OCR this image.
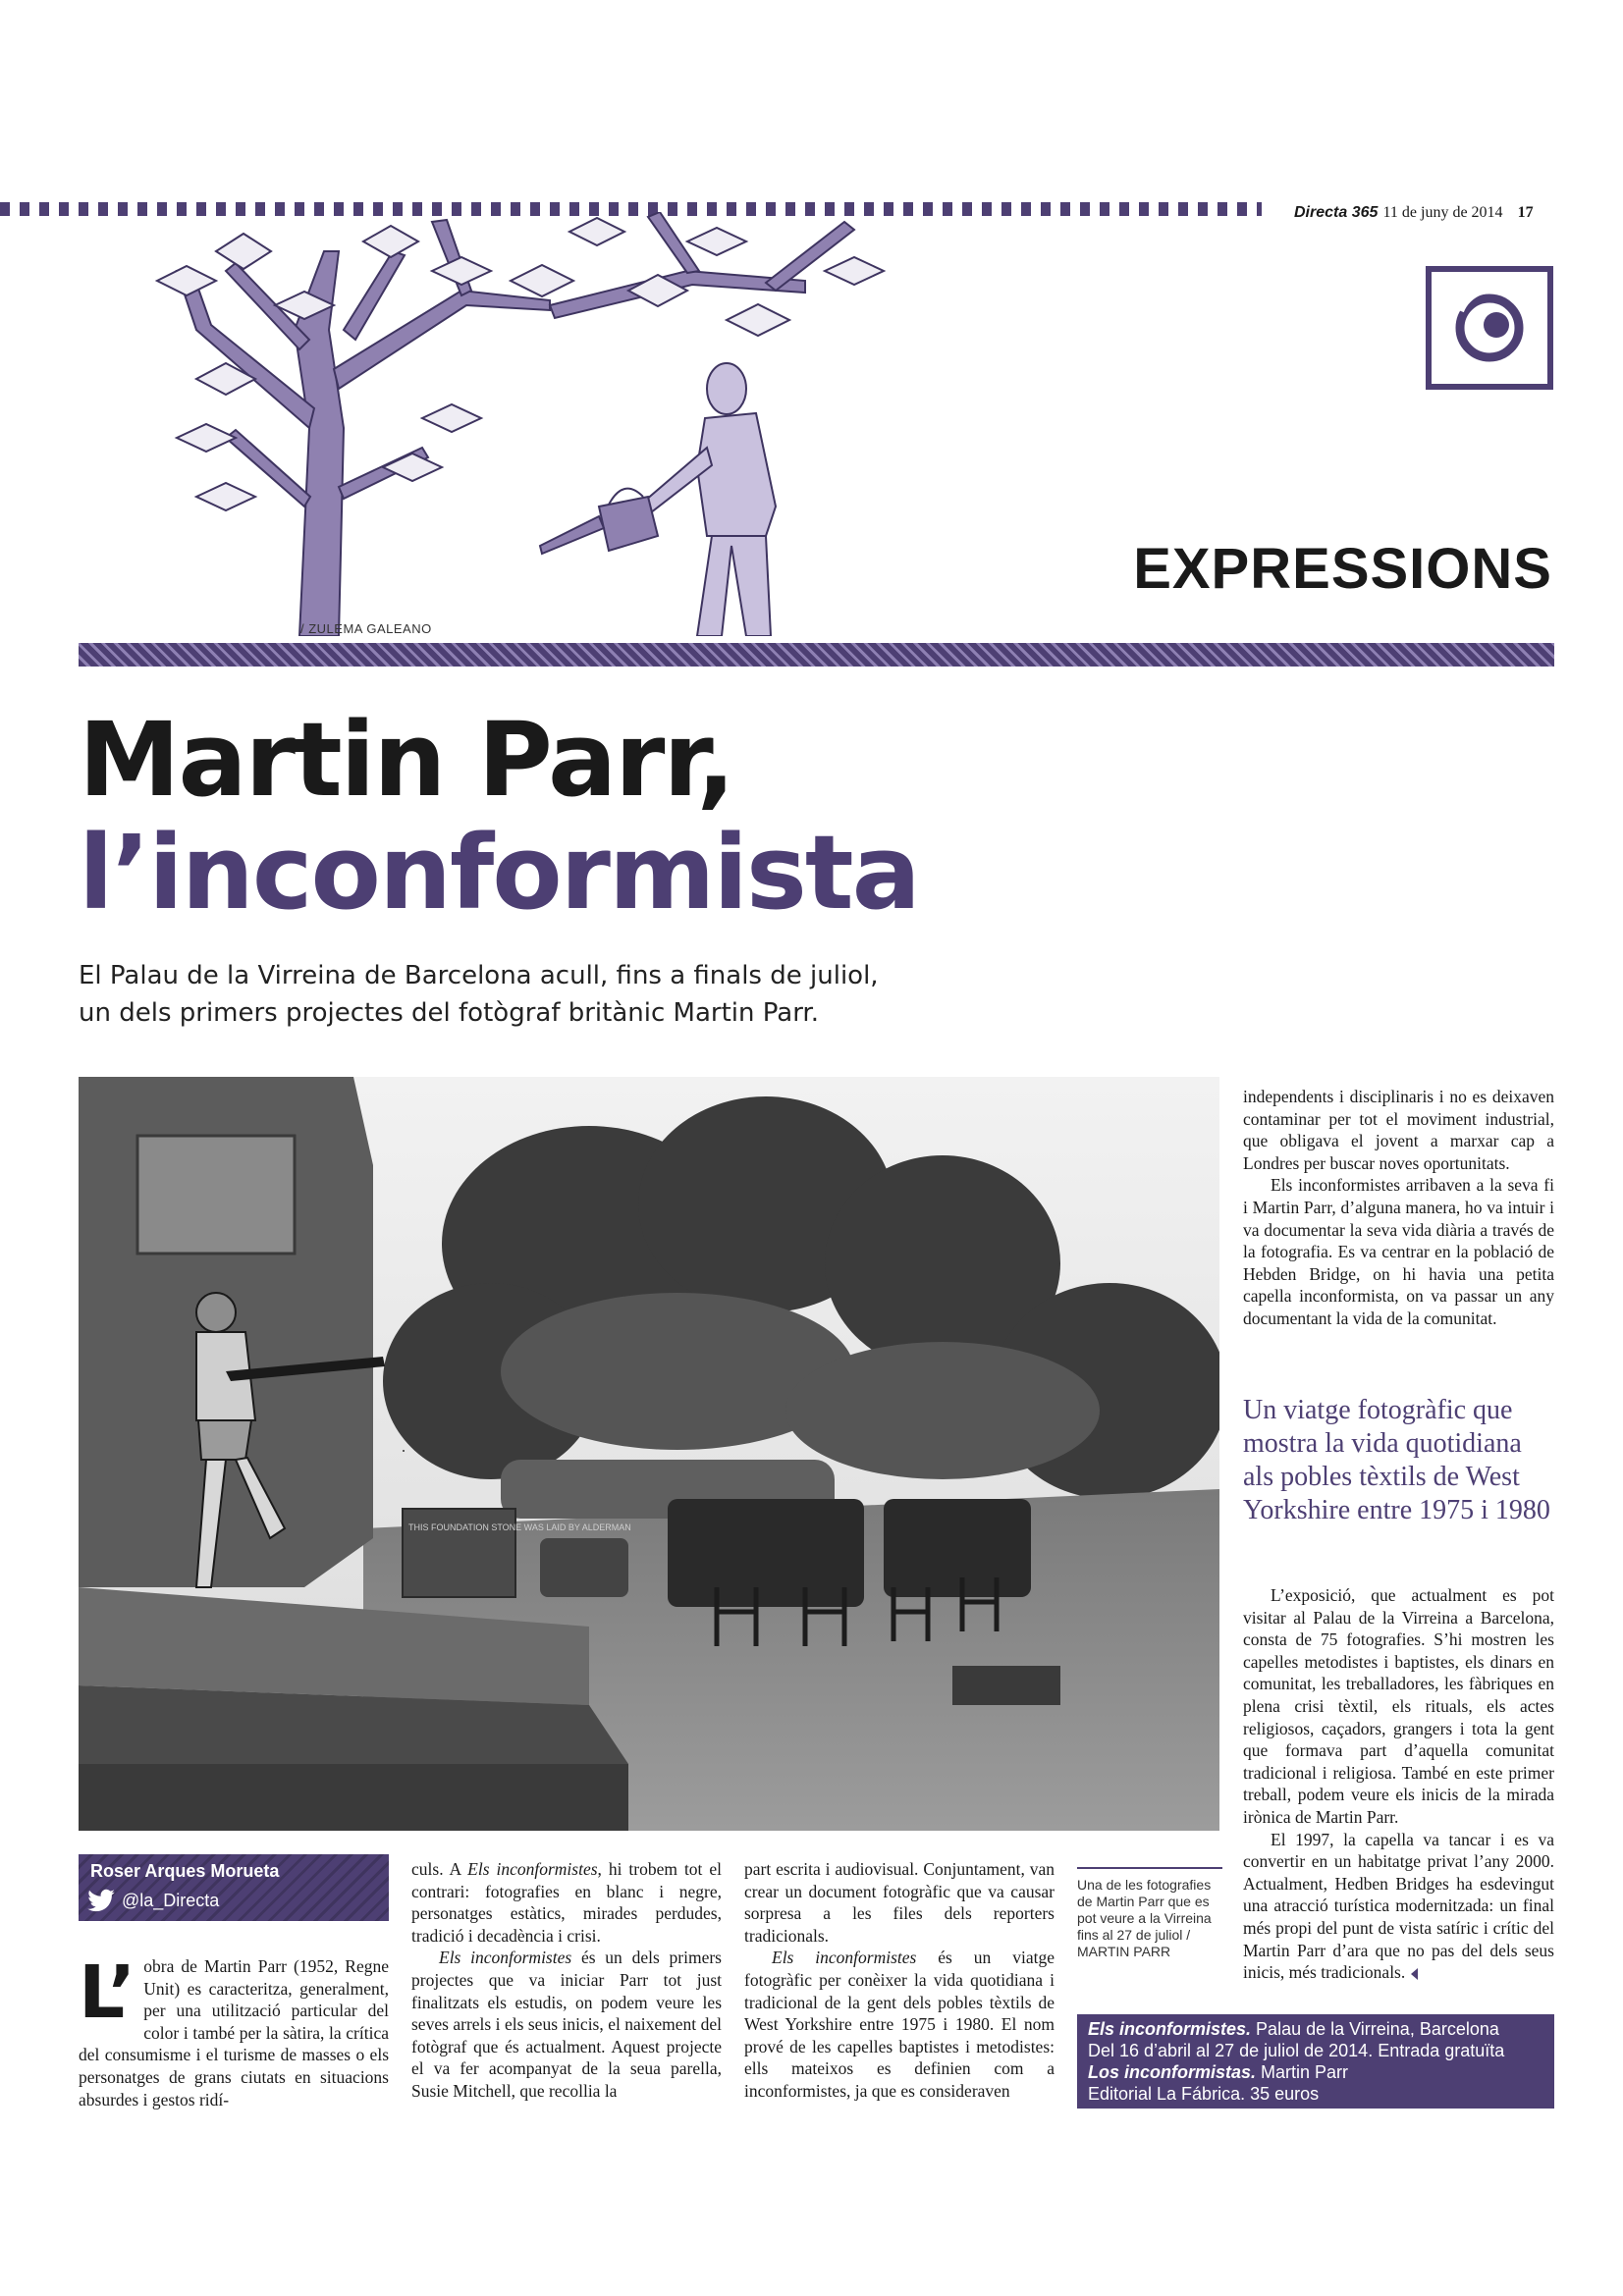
Directa 365 11 de juny de 2014 17
/ ZULEMA GALEANO
EXPRESSIONS
Martin Parr,
l’inconformista
El Palau de la Virreina de Barcelona acull, fins a finals de juliol,
un dels primers projectes del fotògraf britànic Martin Parr.
THIS FOUNDATION STONE WAS LAID BY ALDERMAN
Una de les fotografies de Martin Parr que es pot veure a la Virreina fins al 27 de juliol / MARTIN PARR
Roser Arques Morueta
@la_Directa

L’ obra de Martin Parr (1952, Regne Unit) es caracteritza, generalment, per una utilització particular del color i també per la sàtira, la crítica del consumisme i el turisme de masses o els personatges de grans ciutats en situacions absurdes i gestos ridí-

culs. A Els inconformistes, hi trobem tot el contrari: fotografies en blanc i negre, personatges estàtics, mirades perdudes, tradició i decadència i crisi.

Els inconformistes és un dels primers projectes que va iniciar Parr tot just finalitzats els estudis, on podem veure les seves arrels i els seus inicis, el naixement del fotògraf que és actualment. Aquest projecte el va fer acompanyat de la seua parella, Susie Mitchell, que recollia la

part escrita i audiovisual. Conjuntament, van crear un document fotogràfic que va causar sorpresa a les files dels reporters tradicionals.

Els inconformistes és un viatge fotogràfic per conèixer la vida quotidiana i tradicional de la gent dels pobles tèxtils de West Yorkshire entre 1975 i 1980. El nom prové de les capelles baptistes i metodistes: ells mateixos es definien com a inconformistes, ja que es consideraven

independents i disciplinaris i no es deixaven contaminar per tot el moviment industrial, que obligava el jovent a marxar cap a Londres per buscar noves oportunitats.

Els inconformistes arribaven a la seva fi i Martin Parr, d’alguna manera, ho va intuir i va documentar la seva vida diària a través de la fotografia. Es va centrar en la població de Hebden Bridge, on hi havia una petita capella inconformista, on va passar un any documentant la vida de la comunitat.

Un viatge fotogràfic que mostra la vida quotidiana als pobles tèxtils de West Yorkshire entre 1975 i 1980

L’exposició, que actualment es pot visitar al Palau de la Virreina a Barcelona, consta de 75 fotografies. S’hi mostren les capelles metodistes i baptistes, els dinars en comunitat, les treballadores, les fàbriques en plena crisi tèxtil, els rituals, els actes religiosos, caçadors, grangers i tota la gent que formava part d’aquella comunitat tradicional i religiosa. També en este primer treball, podem veure els inicis de la mirada irònica de Martin Parr.

El 1997, la capella va tancar i es va convertir en un habitatge privat l’any 2000. Actualment, Hedben Bridges ha esdevingut una atracció turística modernitzada: un final més propi del punt de vista satíric i crític del Martin Parr d’ara que no pas del dels seus inicis, més tradicionals.

Els inconformistes. Palau de la Virreina, Barcelona
Del 16 d’abril al 27 de juliol de 2014. Entrada gratuïta
Los inconformistas. Martin Parr
Editorial La Fábrica. 35 euros
